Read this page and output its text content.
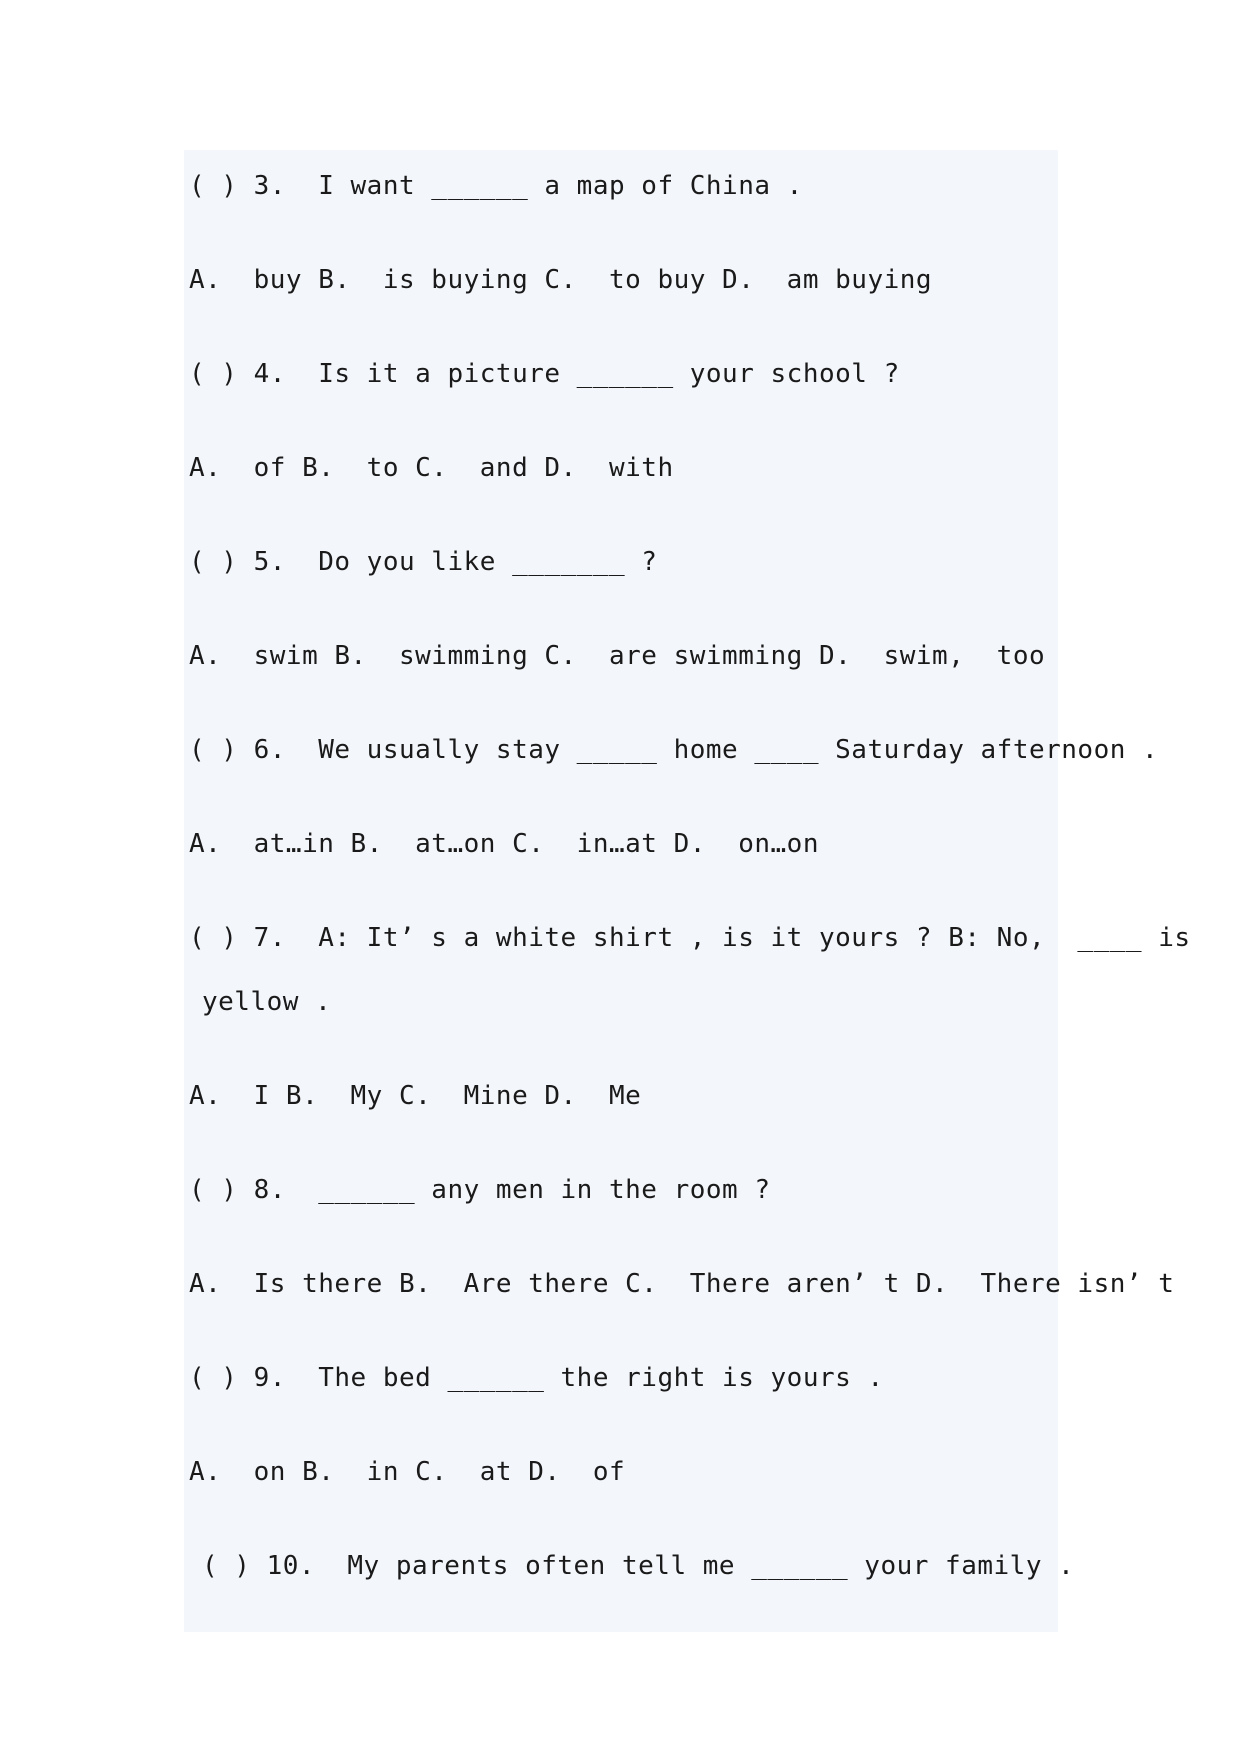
( ) 3.  I want ______ a map of China .
A.  buy B.  is buying C.  to buy D.  am buying
( ) 4.  Is it a picture ______ your school ?
A.  of B.  to C.  and D.  with
( ) 5.  Do you like _______ ?
A.  swim B.  swimming C.  are swimming D.  swim,  too
( ) 6.  We usually stay _____ home ____ Saturday afternoon .
A.  at…in B.  at…on C.  in…at D.  on…on
( ) 7.  A: It’ s a white shirt , is it yours ? B: No,  ____ is
yellow .
A.  I B.  My C.  Mine D.  Me
( ) 8.  ______ any men in the room ?
A.  Is there B.  Are there C.  There aren’ t D.  There isn’ t
( ) 9.  The bed ______ the right is yours .
A.  on B.  in C.  at D.  of
( ) 10.  My parents often tell me ______ your family .
